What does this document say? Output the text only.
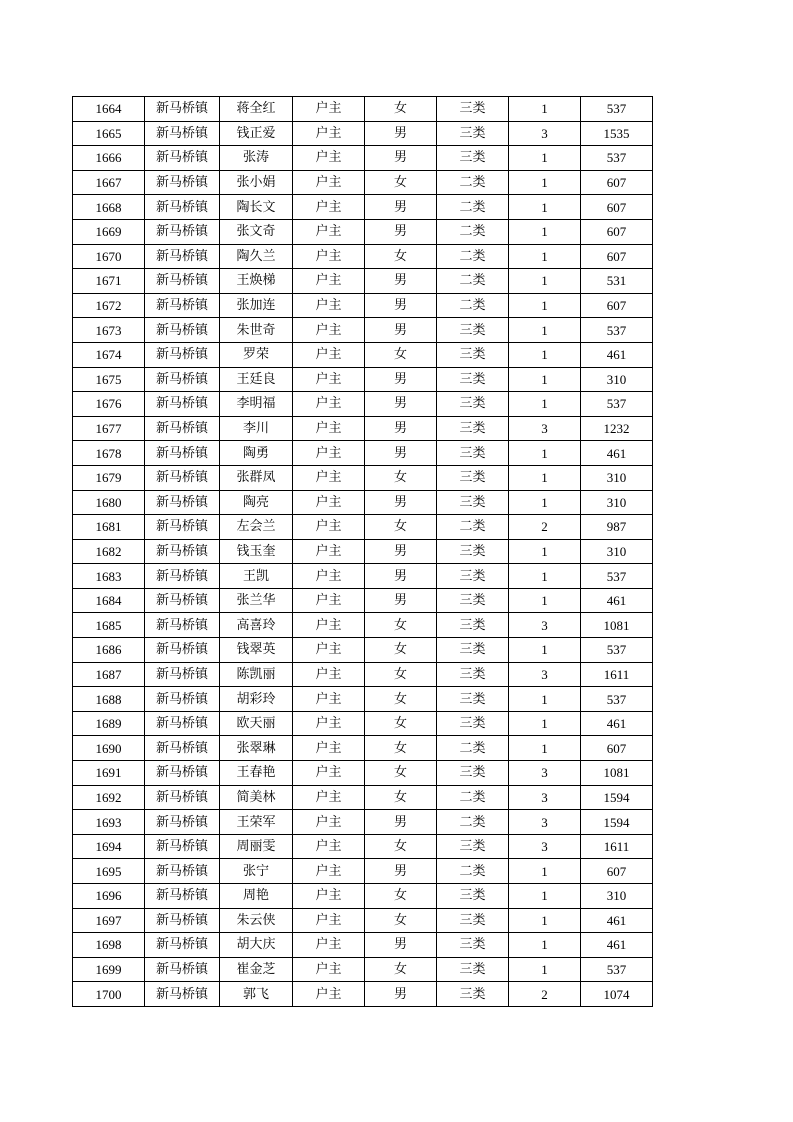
1664	新马桥镇	蒋全红	户主	女	三类	1	537
1665	新马桥镇	钱正爱	户主	男	三类	3	1535
1666	新马桥镇	张涛	户主	男	三类	1	537
1667	新马桥镇	张小娟	户主	女	二类	1	607
1668	新马桥镇	陶长文	户主	男	二类	1	607
1669	新马桥镇	张文奇	户主	男	二类	1	607
1670	新马桥镇	陶久兰	户主	女	二类	1	607
1671	新马桥镇	王焕梯	户主	男	二类	1	531
1672	新马桥镇	张加连	户主	男	二类	1	607
1673	新马桥镇	朱世奇	户主	男	三类	1	537
1674	新马桥镇	罗荣	户主	女	三类	1	461
1675	新马桥镇	王廷良	户主	男	三类	1	310
1676	新马桥镇	李明福	户主	男	三类	1	537
1677	新马桥镇	李川	户主	男	三类	3	1232
1678	新马桥镇	陶勇	户主	男	三类	1	461
1679	新马桥镇	张群凤	户主	女	三类	1	310
1680	新马桥镇	陶亮	户主	男	三类	1	310
1681	新马桥镇	左会兰	户主	女	二类	2	987
1682	新马桥镇	钱玉奎	户主	男	三类	1	310
1683	新马桥镇	王凯	户主	男	三类	1	537
1684	新马桥镇	张兰华	户主	男	三类	1	461
1685	新马桥镇	高喜玲	户主	女	三类	3	1081
1686	新马桥镇	钱翠英	户主	女	三类	1	537
1687	新马桥镇	陈凯丽	户主	女	三类	3	1611
1688	新马桥镇	胡彩玲	户主	女	三类	1	537
1689	新马桥镇	欧天丽	户主	女	三类	1	461
1690	新马桥镇	张翠琳	户主	女	二类	1	607
1691	新马桥镇	王春艳	户主	女	三类	3	1081
1692	新马桥镇	简美林	户主	女	二类	3	1594
1693	新马桥镇	王荣军	户主	男	二类	3	1594
1694	新马桥镇	周丽雯	户主	女	三类	3	1611
1695	新马桥镇	张宁	户主	男	二类	1	607
1696	新马桥镇	周艳	户主	女	三类	1	310
1697	新马桥镇	朱云侠	户主	女	三类	1	461
1698	新马桥镇	胡大庆	户主	男	三类	1	461
1699	新马桥镇	崔金芝	户主	女	三类	1	537
1700	新马桥镇	郭飞	户主	男	三类	2	1074
